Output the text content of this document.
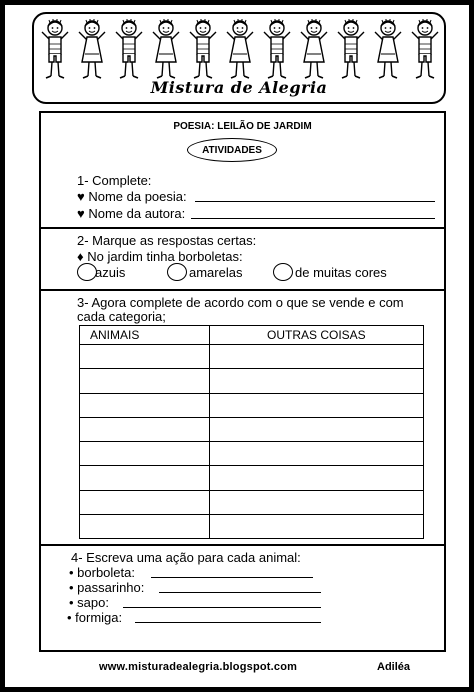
Mistura de Alegria
POESIA: LEILÃO DE JARDIM
ATIVIDADES
1- Complete:
♥ Nome da poesia:
♥ Nome da autora:
2- Marque as respostas certas:
♦ No jardim tinha borboletas:
azuis	amarelas	de muitas cores
3- Agora complete de acordo com o que se vende e com
cada categoria;
ANIMAIS	OUTRAS COISAS

4- Escreva uma ação para cada animal:
• borboleta:
• passarinho:
• sapo:
• formiga:
www.misturadealegria.blogspot.com	Adiléa
